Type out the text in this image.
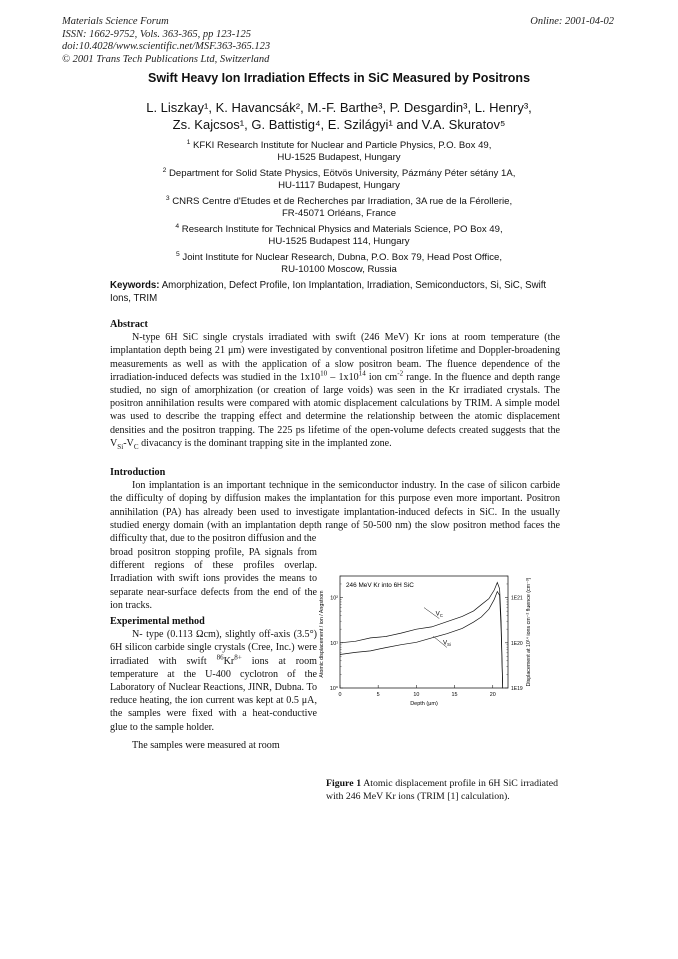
Materials Science Forum
ISSN: 1662-9752, Vols. 363-365, pp 123-125
doi:10.4028/www.scientific.net/MSF.363-365.123
© 2001 Trans Tech Publications Ltd, Switzerland
Online: 2001-04-02
Swift Heavy Ion Irradiation Effects in SiC Measured by Positrons
L. Liszkay¹, K. Havancsák², M.-F. Barthe³, P. Desgardin³, L. Henry³,
Zs. Kajcsos¹, G. Battistig⁴, E. Szilágyi¹ and V.A. Skuratov⁵
$^1$ KFKI Research Institute for Nuclear and Particle Physics, P.O. Box 49,
HU-1525 Budapest, Hungary
$^2$ Department for Solid State Physics, Eötvös University, Pázmány Péter sétány 1A,
HU-1117 Budapest, Hungary
$^3$ CNRS Centre d'Etudes et de Recherches par Irradiation, 3A rue de la Férollerie,
FR-45071 Orléans, France
$^4$ Research Institute for Technical Physics and Materials Science, PO Box 49,
HU-1525 Budapest 114, Hungary
$^5$ Joint Institute for Nuclear Research, Dubna, P.O. Box 79, Head Post Office,
RU-10100 Moscow, Russia
Keywords: Amorphization, Defect Profile, Ion Implantation, Irradiation, Semiconductors, Si, SiC, Swift Ions, TRIM
Abstract

N-type 6H SiC single crystals irradiated with swift (246 MeV) Kr ions at room temperature (the implantation depth being 21 μm) were investigated by conventional positron lifetime and Doppler-broadening measurements as well as with the application of a slow positron beam. The fluence dependence of the irradiation-induced defects was studied in the $1x10^{10} - 1x10^{14}$ ion $cm^{-2}$ range. In the fluence and depth range studied, no sign of amorphization (or creation of large voids) was seen in the Kr irradiated crystals. The positron annihilation results were compared with atomic displacement calculations by TRIM. A simple model was used to describe the trapping effect and determine the relationship between the atomic displacement densities and the positron trapping. The 225 ps lifetime of the open-volume defects created suggests that the $V_{Si}-V_C$ divacancy is the dominant trapping site in the implanted zone.

Introduction

Ion implantation is an important technique in the semiconductor industry. In the case of silicon carbide the difficulty of doping by diffusion makes the implantation for this purpose even more important. Positron annihilation (PA) has already been used to investigate implantation-induced defects in SiC. In the usually studied energy domain (with an implantation depth range of 50-500 nm) the slow positron method faces the difficulty that, due to the positron diffusion and the

broad positron stopping profile, PA signals from different regions of these profiles overlap. Irradiation with swift ions provides the means to separate near-surface defects from the end of the ion tracks.

Experimental method

N- type (0.113 Ωcm), slightly off-axis (3.5°) 6H silicon carbide single crystals (Cree, Inc.) were irradiated with swift $^{86}Kr^{8+}$ ions at room temperature at the U-400 cyclotron of the Laboratory of Nuclear Reactions, JINR, Dubna. To reduce heating, the ion current was kept at 0.5 μA, the samples were fixed with a heat-conductive glue to the sample holder.

The samples were measured at room

Atomic displacement / ion / Angstrom	Displacement at 10¹⁴ ions cm⁻² fluence (cm⁻³)
0	5	10	15	20
10⁰
10¹
10²
1E19
1E20
1E21
$V_C$
$V_{Si}$
246 MeV Kr into 6H SiC
Depth (μm)
Figure 1 Atomic displacement profile in 6H SiC irradiated with 246 MeV Kr ions (TRIM [1] calculation).
